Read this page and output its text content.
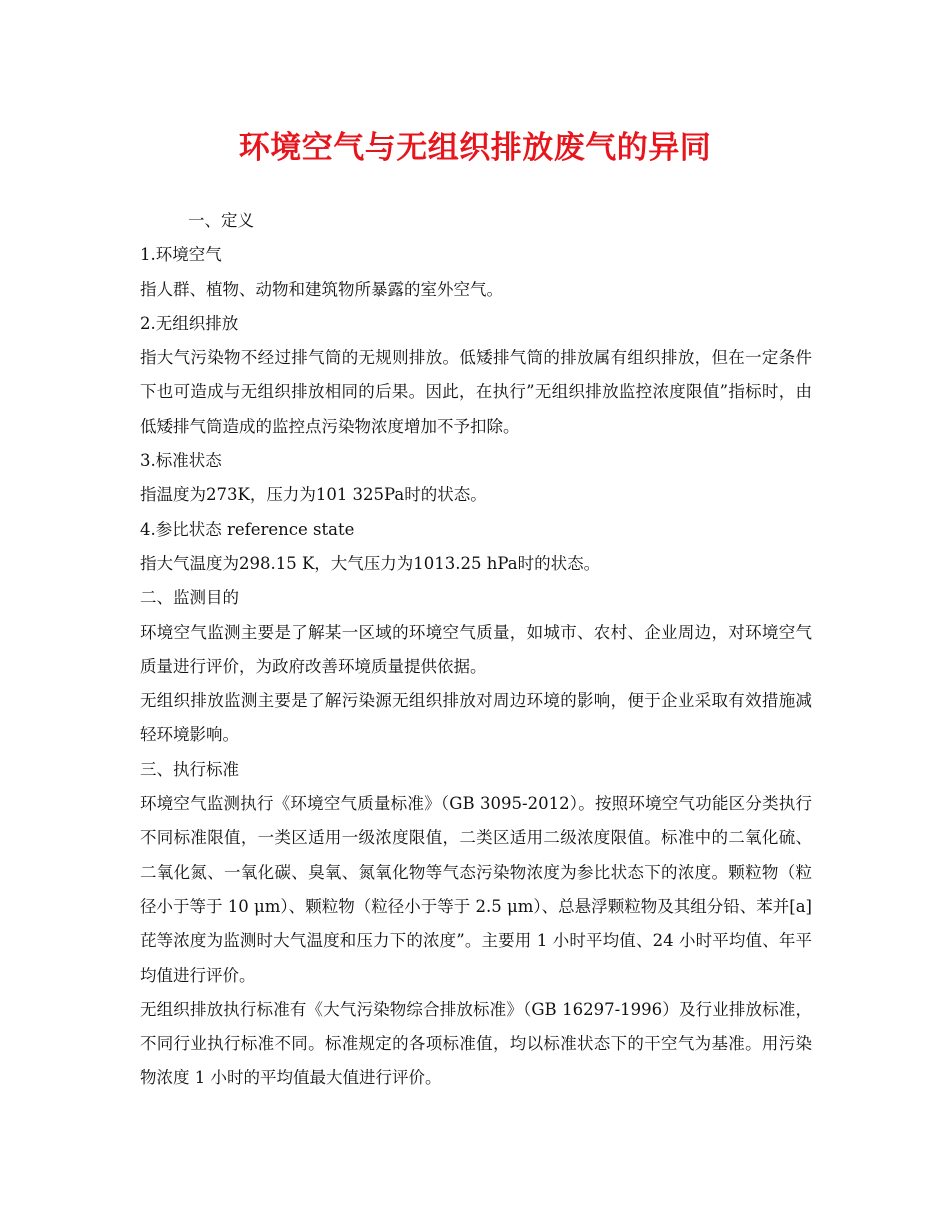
环境空气与无组织排放废气的异同

一、定义

1.环境空气

指人群、植物、动物和建筑物所暴露的室外空气。

2.无组织排放

指大气污染物不经过排气筒的无规则排放。低矮排气筒的排放属有组织排放，但在一定条件下也可造成与无组织排放相同的后果。因此，在执行”无组织排放监控浓度限值”指标时，由低矮排气筒造成的监控点污染物浓度增加不予扣除。

3.标准状态

指温度为273K，压力为101 325Pa时的状态。

4.参比状态 reference state

指大气温度为298.15 K，大气压力为1013.25 hPa时的状态。

二、监测目的

环境空气监测主要是了解某一区域的环境空气质量，如城市、农村、企业周边，对环境空气质量进行评价，为政府改善环境质量提供依据。

无组织排放监测主要是了解污染源无组织排放对周边环境的影响，便于企业采取有效措施减轻环境影响。

三、执行标准

环境空气监测执行《环境空气质量标准》（GB 3095-2012）。按照环境空气功能区分类执行不同标准限值，一类区适用一级浓度限值，二类区适用二级浓度限值。标准中的二氧化硫、二氧化氮、一氧化碳、臭氧、氮氧化物等气态污染物浓度为参比状态下的浓度。颗粒物（粒径小于等于 10 μm）、颗粒物（粒径小于等于 2.5 μm）、总悬浮颗粒物及其组分铅、苯并[a]芘等浓度为监测时大气温度和压力下的浓度”。主要用 1 小时平均值、24 小时平均值、年平均值进行评价。

无组织排放执行标准有《大气污染物综合排放标准》（GB 16297-1996）及行业排放标准，不同行业执行标准不同。标准规定的各项标准值，均以标准状态下的干空气为基准。用污染物浓度 1 小时的平均值最大值进行评价。
